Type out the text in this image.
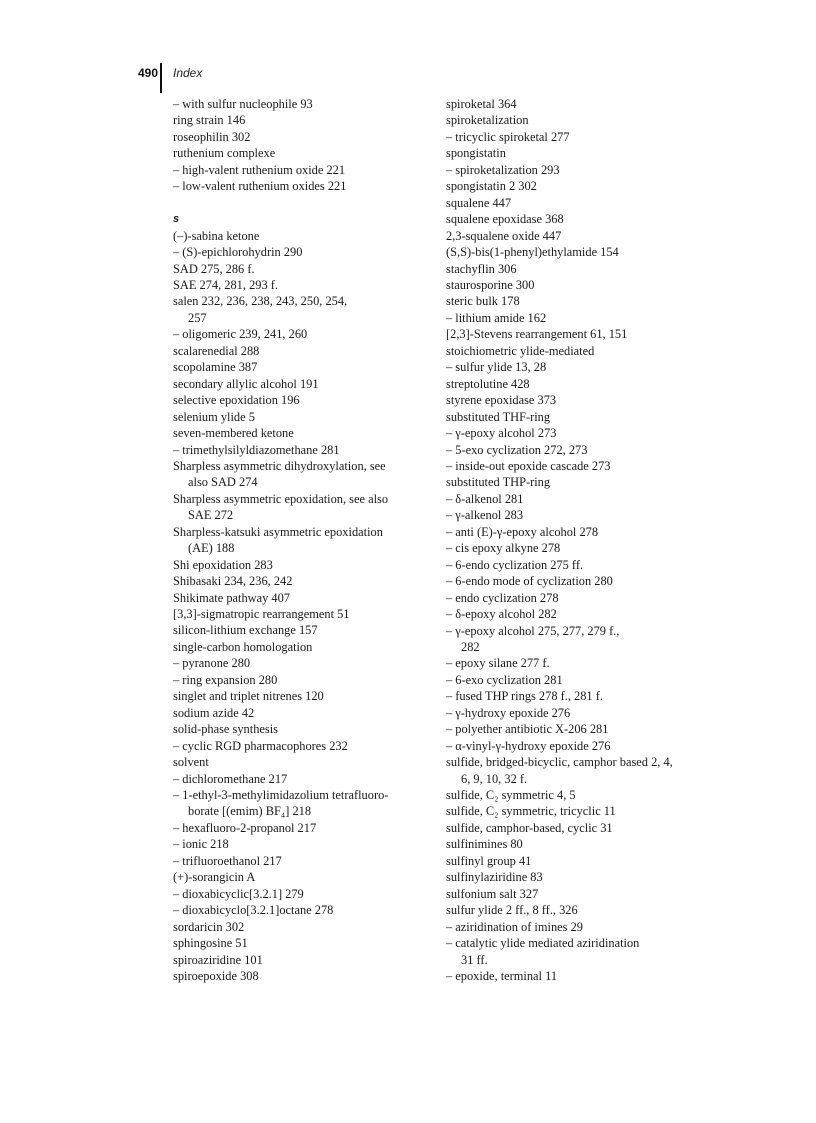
490 Index
– with sulfur nucleophile 93
ring strain 146
roseophilin 302
ruthenium complexe
– high-valent ruthenium oxide 221
– low-valent ruthenium oxides 221
s
(–)-sabina ketone
– (S)-epichlorohydrin 290
SAD 275, 286 f.
SAE 274, 281, 293 f.
salen 232, 236, 238, 243, 250, 254,
257
– oligomeric 239, 241, 260
scalarenedial 288
scopolamine 387
secondary allylic alcohol 191
selective epoxidation 196
selenium ylide 5
seven-membered ketone
– trimethylsilyldiazomethane 281
Sharpless asymmetric dihydroxylation, see
also SAD 274
Sharpless asymmetric epoxidation, see also
SAE 272
Sharpless-katsuki asymmetric epoxidation
(AE) 188
Shi epoxidation 283
Shibasaki 234, 236, 242
Shikimate pathway 407
[3,3]-sigmatropic rearrangement 51
silicon-lithium exchange 157
single-carbon homologation
– pyranone 280
– ring expansion 280
singlet and triplet nitrenes 120
sodium azide 42
solid-phase synthesis
– cyclic RGD pharmacophores 232
solvent
– dichloromethane 217
– 1-ethyl-3-methylimidazolium tetrafluoro-
borate [(emim) BF₄] 218
– hexafluoro-2-propanol 217
– ionic 218
– trifluoroethanol 217
(+)-sorangicin A
– dioxabicyclic[3.2.1] 279
– dioxabicyclo[3.2.1]octane 278
sordaricin 302
sphingosine 51
spiroaziridine 101
spiroepoxide 308
spiroketal 364
spiroketalization
– tricyclic spiroketal 277
spongistatin
– spiroketalization 293
spongistatin 2 302
squalene 447
squalene epoxidase 368
2,3-squalene oxide 447
(S,S)-bis(1-phenyl)ethylamide 154
stachyflin 306
staurosporine 300
steric bulk 178
– lithium amide 162
[2,3]-Stevens rearrangement 61, 151
stoichiometric ylide-mediated
– sulfur ylide 13, 28
streptolutine 428
styrene epoxidase 373
substituted THF-ring
– γ-epoxy alcohol 273
– 5-exo cyclization 272, 273
– inside-out epoxide cascade 273
substituted THP-ring
– δ-alkenol 281
– γ-alkenol 283
– anti (E)-γ-epoxy alcohol 278
– cis epoxy alkyne 278
– 6-endo cyclization 275 ff.
– 6-endo mode of cyclization 280
– endo cyclization 278
– δ-epoxy alcohol 282
– γ-epoxy alcohol 275, 277, 279 f.,
282
– epoxy silane 277 f.
– 6-exo cyclization 281
– fused THP rings 278 f., 281 f.
– γ-hydroxy epoxide 276
– polyether antibiotic X-206 281
– α-vinyl-γ-hydroxy epoxide 276
sulfide, bridged-bicyclic, camphor based 2, 4,
6, 9, 10, 32 f.
sulfide, C₂ symmetric 4, 5
sulfide, C₂ symmetric, tricyclic 11
sulfide, camphor-based, cyclic 31
sulfinimines 80
sulfinyl group 41
sulfinylaziridine 83
sulfonium salt 327
sulfur ylide 2 ff., 8 ff., 326
– aziridination of imines 29
– catalytic ylide mediated aziridination
31 ff.
– epoxide, terminal 11
